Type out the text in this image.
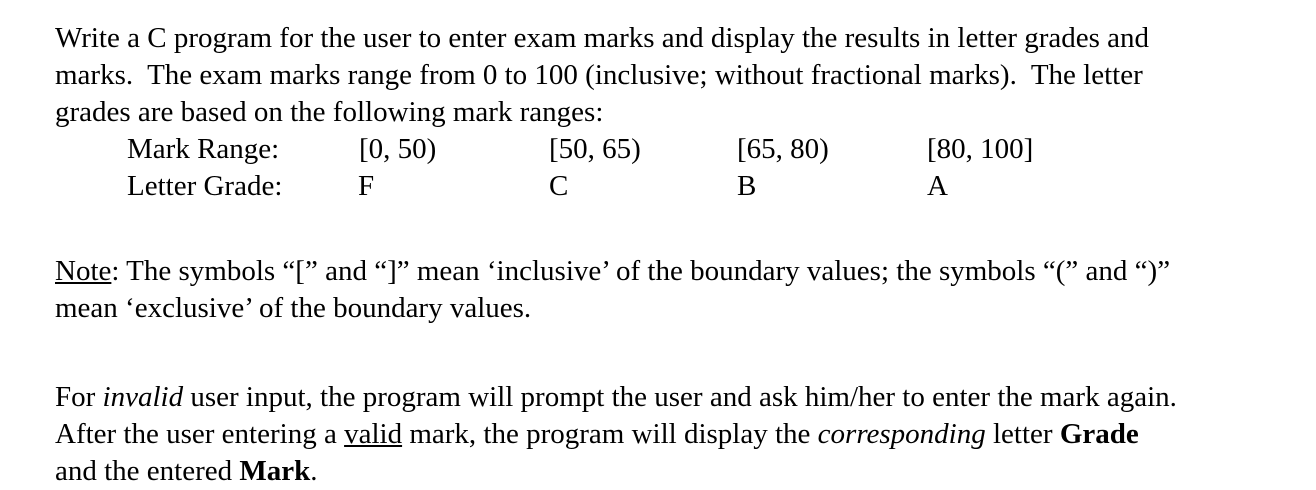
Write a C program for the user to enter exam marks and display the results in letter grades and
marks.  The exam marks range from 0 to 100 (inclusive; without fractional marks).  The letter
grades are based on the following mark ranges:
Mark Range:	[0, 50)	[50, 65)	[65, 80)	[80, 100]
Letter Grade:	F	C	B	A
Note: The symbols “[” and “]” mean ‘inclusive’ of the boundary values; the symbols “(” and “)”
mean ‘exclusive’ of the boundary values.
For invalid user input, the program will prompt the user and ask him/her to enter the mark again.
After the user entering a valid mark, the program will display the corresponding letter Grade
and the entered Mark.
